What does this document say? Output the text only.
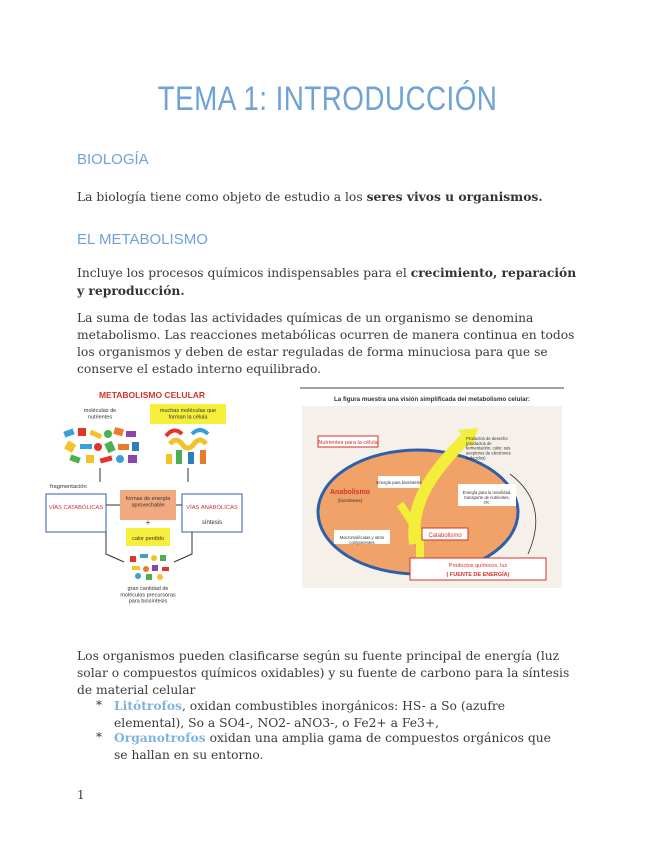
TEMA 1: INTRODUCCIÓN
BIOLOGÍA

La biología tiene como objeto de estudio a los seres vivos u organismos.

EL METABOLISMO

Incluye los procesos químicos indispensables para el crecimiento, reparación y reproducción.

La suma de todas las actividades químicas de un organismo se denomina metabolismo. Las reacciones metabólicas ocurren de manera continua en todos los organismos y deben de estar reguladas de forma minuciosa para que se conserve el estado interno equilibrado.

METABOLISMO CELULAR
moléculas de nutrientes
muchas moléculas que forman la célula
fragmentación
VÍAS CATABÓLICAS
formas de energía aprovechable	VÍAS ANABÓLICAS
síntesis
+
calor perdido
gran cantidad de moléculas precursoras para biosíntesis
La figura muestra una visión simplificada del metabolismo celular:
Nutrientes para la célula
Anabolismo
(biosíntesis)
Energía para biosíntesis
Productos de desecho (productos de fermentación, calor, sus aceptores de electrones reducidos)
Energía para la movilidad, transporte de nutrientes, etc.
Macromoléculas y otros componentes
Catabolismo
Productos químicos, luz
( FUENTE DE ENERGÍA)

Los organismos pueden clasificarse según su fuente principal de energía (luz solar o compuestos químicos oxidables) y su fuente de carbono para la síntesis de material celular

* Litótrofos, oxidan combustibles inorgánicos: HS- a So (azufre elemental), So a SO4-, NO2- aNO3-, o Fe2+ a Fe3+,
* Organotrofos oxidan una amplia gama de compuestos orgánicos que se hallan en su entorno.
1
